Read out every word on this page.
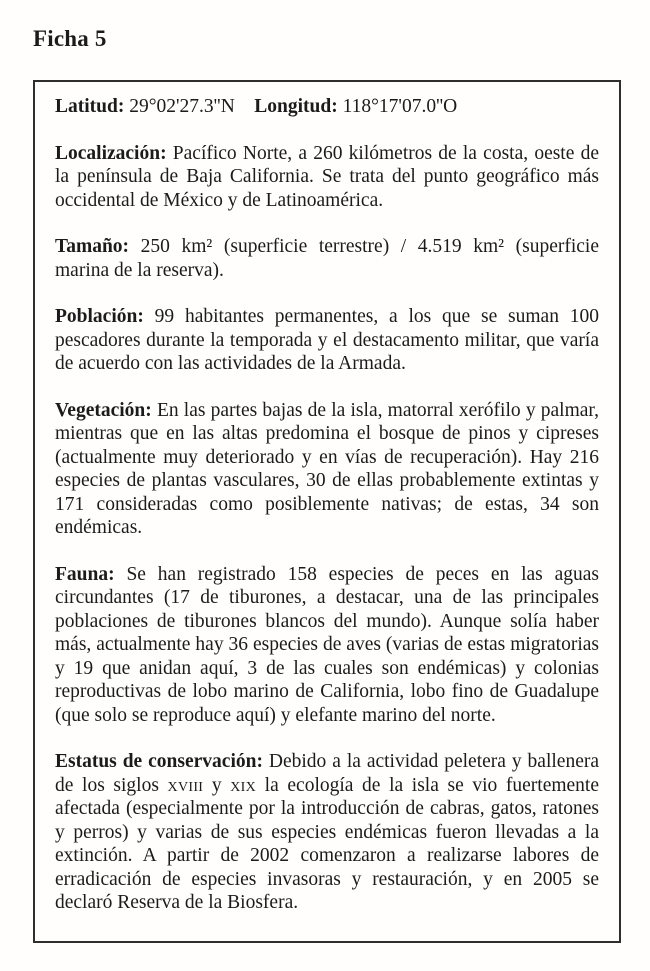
Ficha 5

Latitud: 29°02'27.3''N  Longitud: 118°17'07.0''O

Localización: Pacífico Norte, a 260 kilómetros de la costa, oeste de la península de Baja California. Se trata del punto geográfico más occidental de México y de Latinoamérica.

Tamaño: 250 km² (superficie terrestre) / 4.519 km² (superficie marina de la reserva).

Población: 99 habitantes permanentes, a los que se suman 100 pescadores durante la temporada y el destacamento militar, que varía de acuerdo con las actividades de la Armada.

Vegetación: En las partes bajas de la isla, matorral xerófilo y palmar, mientras que en las altas predomina el bosque de pinos y cipreses (actualmente muy deteriorado y en vías de recuperación). Hay 216 especies de plantas vasculares, 30 de ellas probablemente extintas y 171 consideradas como posiblemente nativas; de estas, 34 son endémicas.

Fauna: Se han registrado 158 especies de peces en las aguas circundantes (17 de tiburones, a destacar, una de las principales poblaciones de tiburones blancos del mundo). Aunque solía haber más, actualmente hay 36 especies de aves (varias de estas migratorias y 19 que anidan aquí, 3 de las cuales son endémicas) y colonias reproductivas de lobo marino de California, lobo fino de Guadalupe (que solo se reproduce aquí) y elefante marino del norte.

Estatus de conservación: Debido a la actividad peletera y ballenera de los siglos xviii y xix la ecología de la isla se vio fuertemente afectada (especialmente por la introducción de cabras, gatos, ratones y perros) y varias de sus especies endémicas fueron llevadas a la extinción. A partir de 2002 comenzaron a realizarse labores de erradicación de especies invasoras y restauración, y en 2005 se declaró Reserva de la Biosfera.
